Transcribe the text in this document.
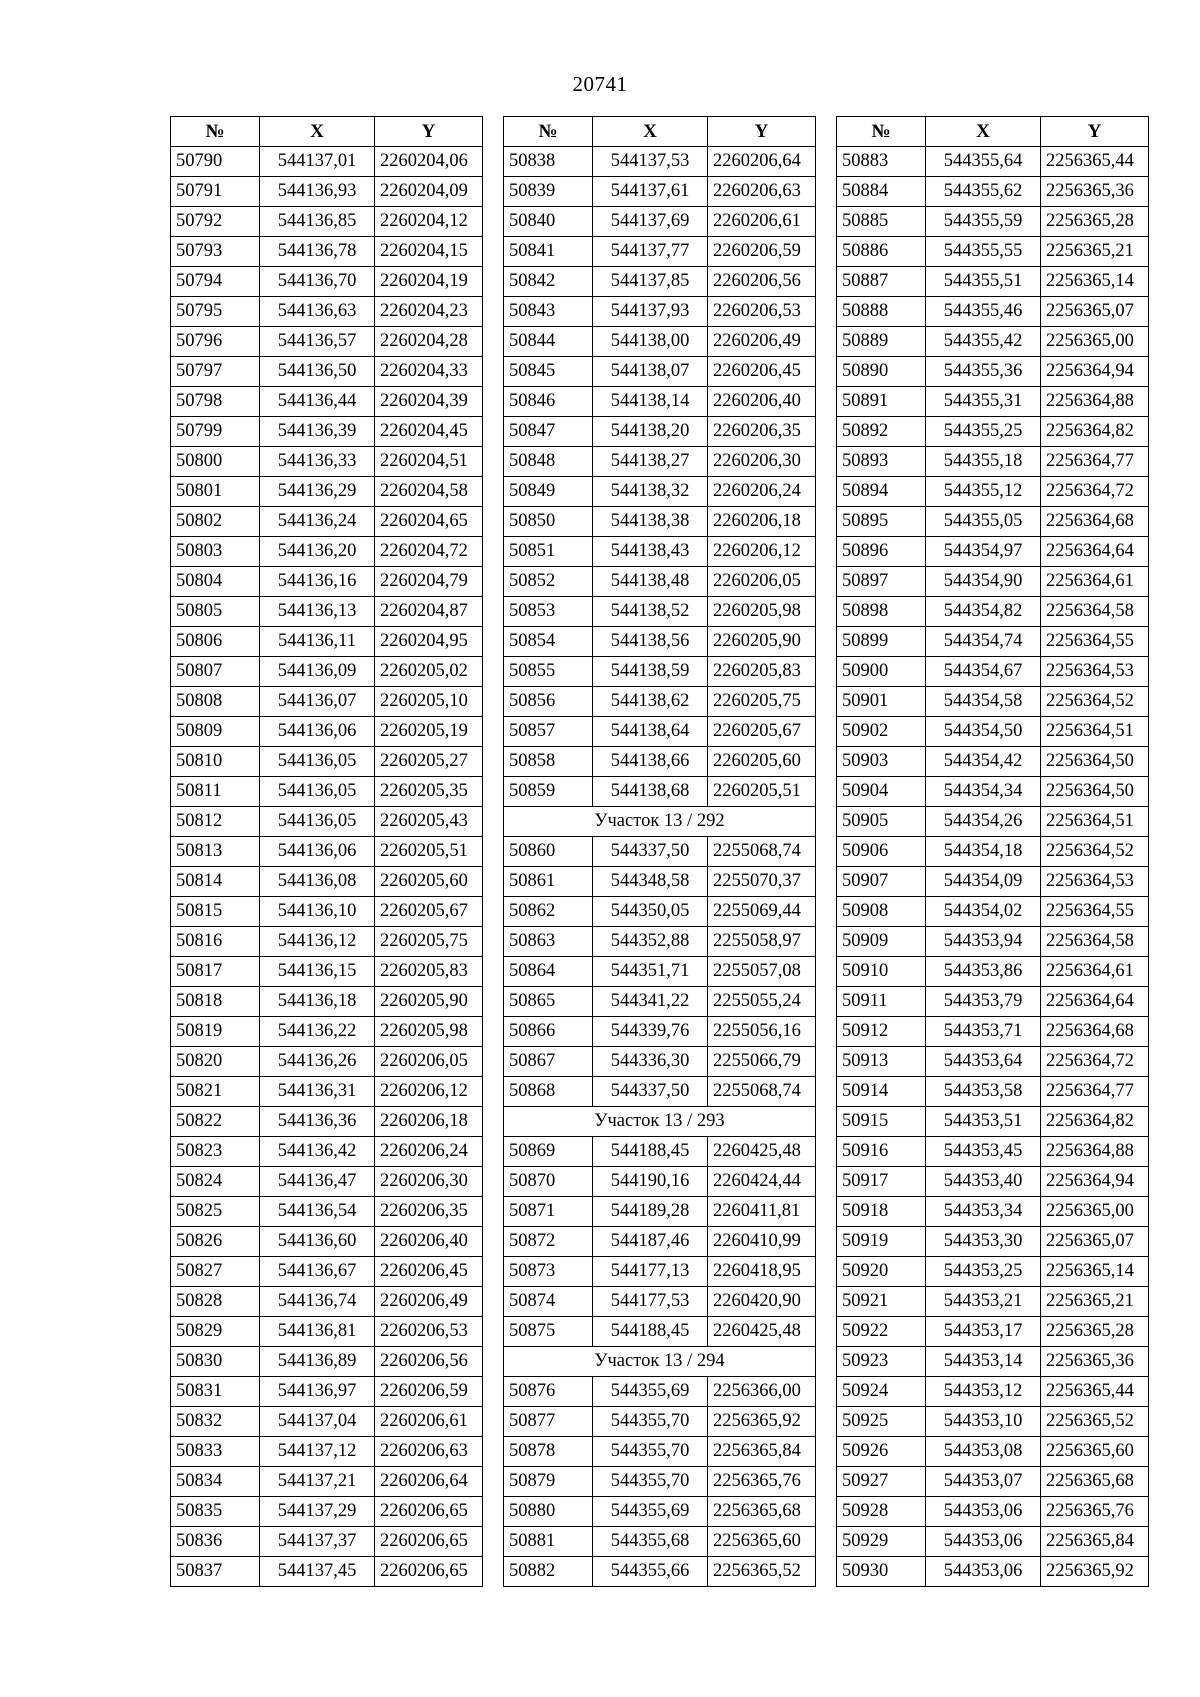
20741
№	X	Y
50790	544137,01	2260204,06
50791	544136,93	2260204,09
50792	544136,85	2260204,12
50793	544136,78	2260204,15
50794	544136,70	2260204,19
50795	544136,63	2260204,23
50796	544136,57	2260204,28
50797	544136,50	2260204,33
50798	544136,44	2260204,39
50799	544136,39	2260204,45
50800	544136,33	2260204,51
50801	544136,29	2260204,58
50802	544136,24	2260204,65
50803	544136,20	2260204,72
50804	544136,16	2260204,79
50805	544136,13	2260204,87
50806	544136,11	2260204,95
50807	544136,09	2260205,02
50808	544136,07	2260205,10
50809	544136,06	2260205,19
50810	544136,05	2260205,27
50811	544136,05	2260205,35
50812	544136,05	2260205,43
50813	544136,06	2260205,51
50814	544136,08	2260205,60
50815	544136,10	2260205,67
50816	544136,12	2260205,75
50817	544136,15	2260205,83
50818	544136,18	2260205,90
50819	544136,22	2260205,98
50820	544136,26	2260206,05
50821	544136,31	2260206,12
50822	544136,36	2260206,18
50823	544136,42	2260206,24
50824	544136,47	2260206,30
50825	544136,54	2260206,35
50826	544136,60	2260206,40
50827	544136,67	2260206,45
50828	544136,74	2260206,49
50829	544136,81	2260206,53
50830	544136,89	2260206,56
50831	544136,97	2260206,59
50832	544137,04	2260206,61
50833	544137,12	2260206,63
50834	544137,21	2260206,64
50835	544137,29	2260206,65
50836	544137,37	2260206,65
50837	544137,45	2260206,65
№	X	Y
50838	544137,53	2260206,64
50839	544137,61	2260206,63
50840	544137,69	2260206,61
50841	544137,77	2260206,59
50842	544137,85	2260206,56
50843	544137,93	2260206,53
50844	544138,00	2260206,49
50845	544138,07	2260206,45
50846	544138,14	2260206,40
50847	544138,20	2260206,35
50848	544138,27	2260206,30
50849	544138,32	2260206,24
50850	544138,38	2260206,18
50851	544138,43	2260206,12
50852	544138,48	2260206,05
50853	544138,52	2260205,98
50854	544138,56	2260205,90
50855	544138,59	2260205,83
50856	544138,62	2260205,75
50857	544138,64	2260205,67
50858	544138,66	2260205,60
50859	544138,68	2260205,51
Участок 13 / 292		
50860	544337,50	2255068,74
50861	544348,58	2255070,37
50862	544350,05	2255069,44
50863	544352,88	2255058,97
50864	544351,71	2255057,08
50865	544341,22	2255055,24
50866	544339,76	2255056,16
50867	544336,30	2255066,79
50868	544337,50	2255068,74
Участок 13 / 293		
50869	544188,45	2260425,48
50870	544190,16	2260424,44
50871	544189,28	2260411,81
50872	544187,46	2260410,99
50873	544177,13	2260418,95
50874	544177,53	2260420,90
50875	544188,45	2260425,48
Участок 13 / 294		
50876	544355,69	2256366,00
50877	544355,70	2256365,92
50878	544355,70	2256365,84
50879	544355,70	2256365,76
50880	544355,69	2256365,68
50881	544355,68	2256365,60
50882	544355,66	2256365,52
№	X	Y
50883	544355,64	2256365,44
50884	544355,62	2256365,36
50885	544355,59	2256365,28
50886	544355,55	2256365,21
50887	544355,51	2256365,14
50888	544355,46	2256365,07
50889	544355,42	2256365,00
50890	544355,36	2256364,94
50891	544355,31	2256364,88
50892	544355,25	2256364,82
50893	544355,18	2256364,77
50894	544355,12	2256364,72
50895	544355,05	2256364,68
50896	544354,97	2256364,64
50897	544354,90	2256364,61
50898	544354,82	2256364,58
50899	544354,74	2256364,55
50900	544354,67	2256364,53
50901	544354,58	2256364,52
50902	544354,50	2256364,51
50903	544354,42	2256364,50
50904	544354,34	2256364,50
50905	544354,26	2256364,51
50906	544354,18	2256364,52
50907	544354,09	2256364,53
50908	544354,02	2256364,55
50909	544353,94	2256364,58
50910	544353,86	2256364,61
50911	544353,79	2256364,64
50912	544353,71	2256364,68
50913	544353,64	2256364,72
50914	544353,58	2256364,77
50915	544353,51	2256364,82
50916	544353,45	2256364,88
50917	544353,40	2256364,94
50918	544353,34	2256365,00
50919	544353,30	2256365,07
50920	544353,25	2256365,14
50921	544353,21	2256365,21
50922	544353,17	2256365,28
50923	544353,14	2256365,36
50924	544353,12	2256365,44
50925	544353,10	2256365,52
50926	544353,08	2256365,60
50927	544353,07	2256365,68
50928	544353,06	2256365,76
50929	544353,06	2256365,84
50930	544353,06	2256365,92
